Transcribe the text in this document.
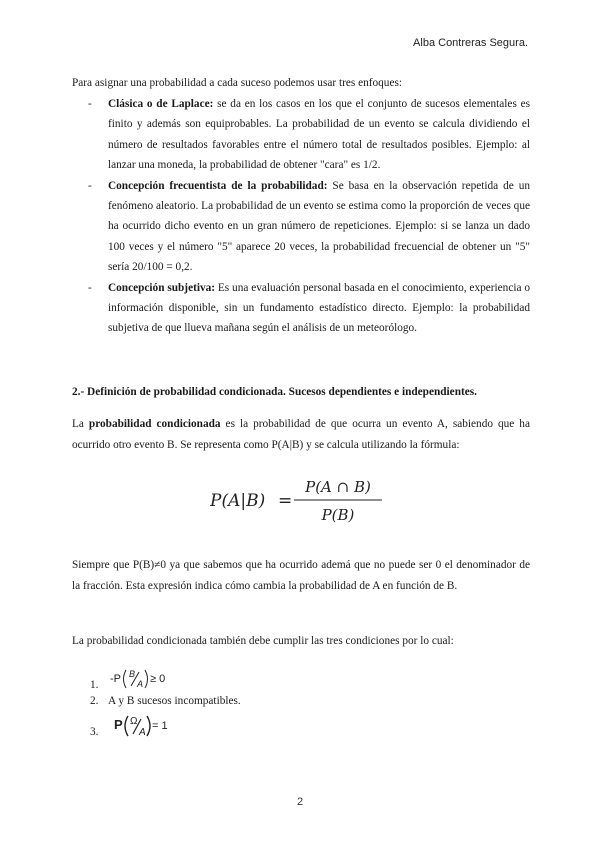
Alba Contreras Segura.
Para asignar una probabilidad a cada suceso podemos usar tres enfoques:
- Clásica o de Laplace: se da en los casos en los que el conjunto de sucesos elementales es finito y además son equiprobables. La probabilidad de un evento se calcula dividiendo el número de resultados favorables entre el número total de resultados posibles. Ejemplo: al lanzar una moneda, la probabilidad de obtener "cara" es 1/2.
- Concepción frecuentista de la probabilidad: Se basa en la observación repetida de un fenómeno aleatorio. La probabilidad de un evento se estima como la proporción de veces que ha ocurrido dicho evento en un gran número de repeticiones. Ejemplo: si se lanza un dado 100 veces y el número "5" aparece 20 veces, la probabilidad frecuencial de obtener un "5" sería 20/100 = 0,2.
- Concepción subjetiva: Es una evaluación personal basada en el conocimiento, experiencia o información disponible, sin un fundamento estadístico directo. Ejemplo: la probabilidad subjetiva de que llueva mañana según el análisis de un meteorólogo.
2.- Definición de probabilidad condicionada. Sucesos dependientes e independientes.
La probabilidad condicionada es la probabilidad de que ocurra un evento A, sabiendo que ha ocurrido otro evento B. Se representa como P(A|B) y se calcula utilizando la fórmula:
P(A|B) =
P(A ∩ B)
P(B)
Siempre que P(B)≠0 ya que sabemos que ha ocurrido ademá que no puede ser 0 el denominador de la fracción. Esta expresión indica cómo cambia la probabilidad de A en función de B.
La probabilidad condicionada también debe cumplir las tres condiciones por lo cual:
1.	-P B
A ≥ 0
2. A y B sucesos incompatibles.
3.	P Ω
A
= 1
2
